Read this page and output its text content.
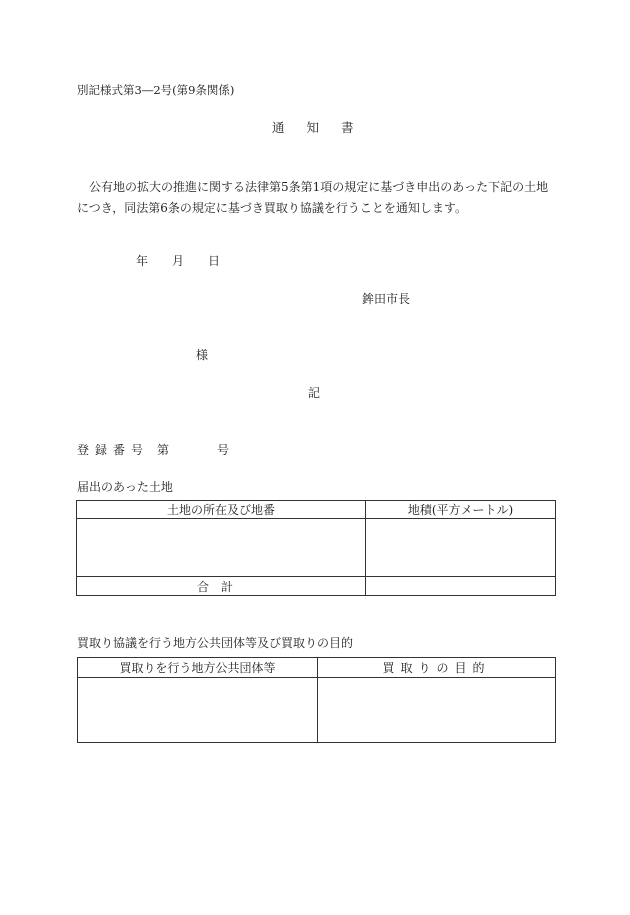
別記様式第3―2号(第9条関係)
通知書
公有地の拡大の推進に関する法律第5条第1項の規定に基づき申出のあった下記の土地につき，同法第6条の規定に基づき買取り協議を行うことを通知します。
年 月 日
鉾田市長
様
記
登録番号 第	号
届出のあった土地
土地の所在及び地番	地積(平方メートル)

合計	
買取り協議を行う地方公共団体等及び買取りの目的
買取りを行う地方公共団体等	買取りの目的
